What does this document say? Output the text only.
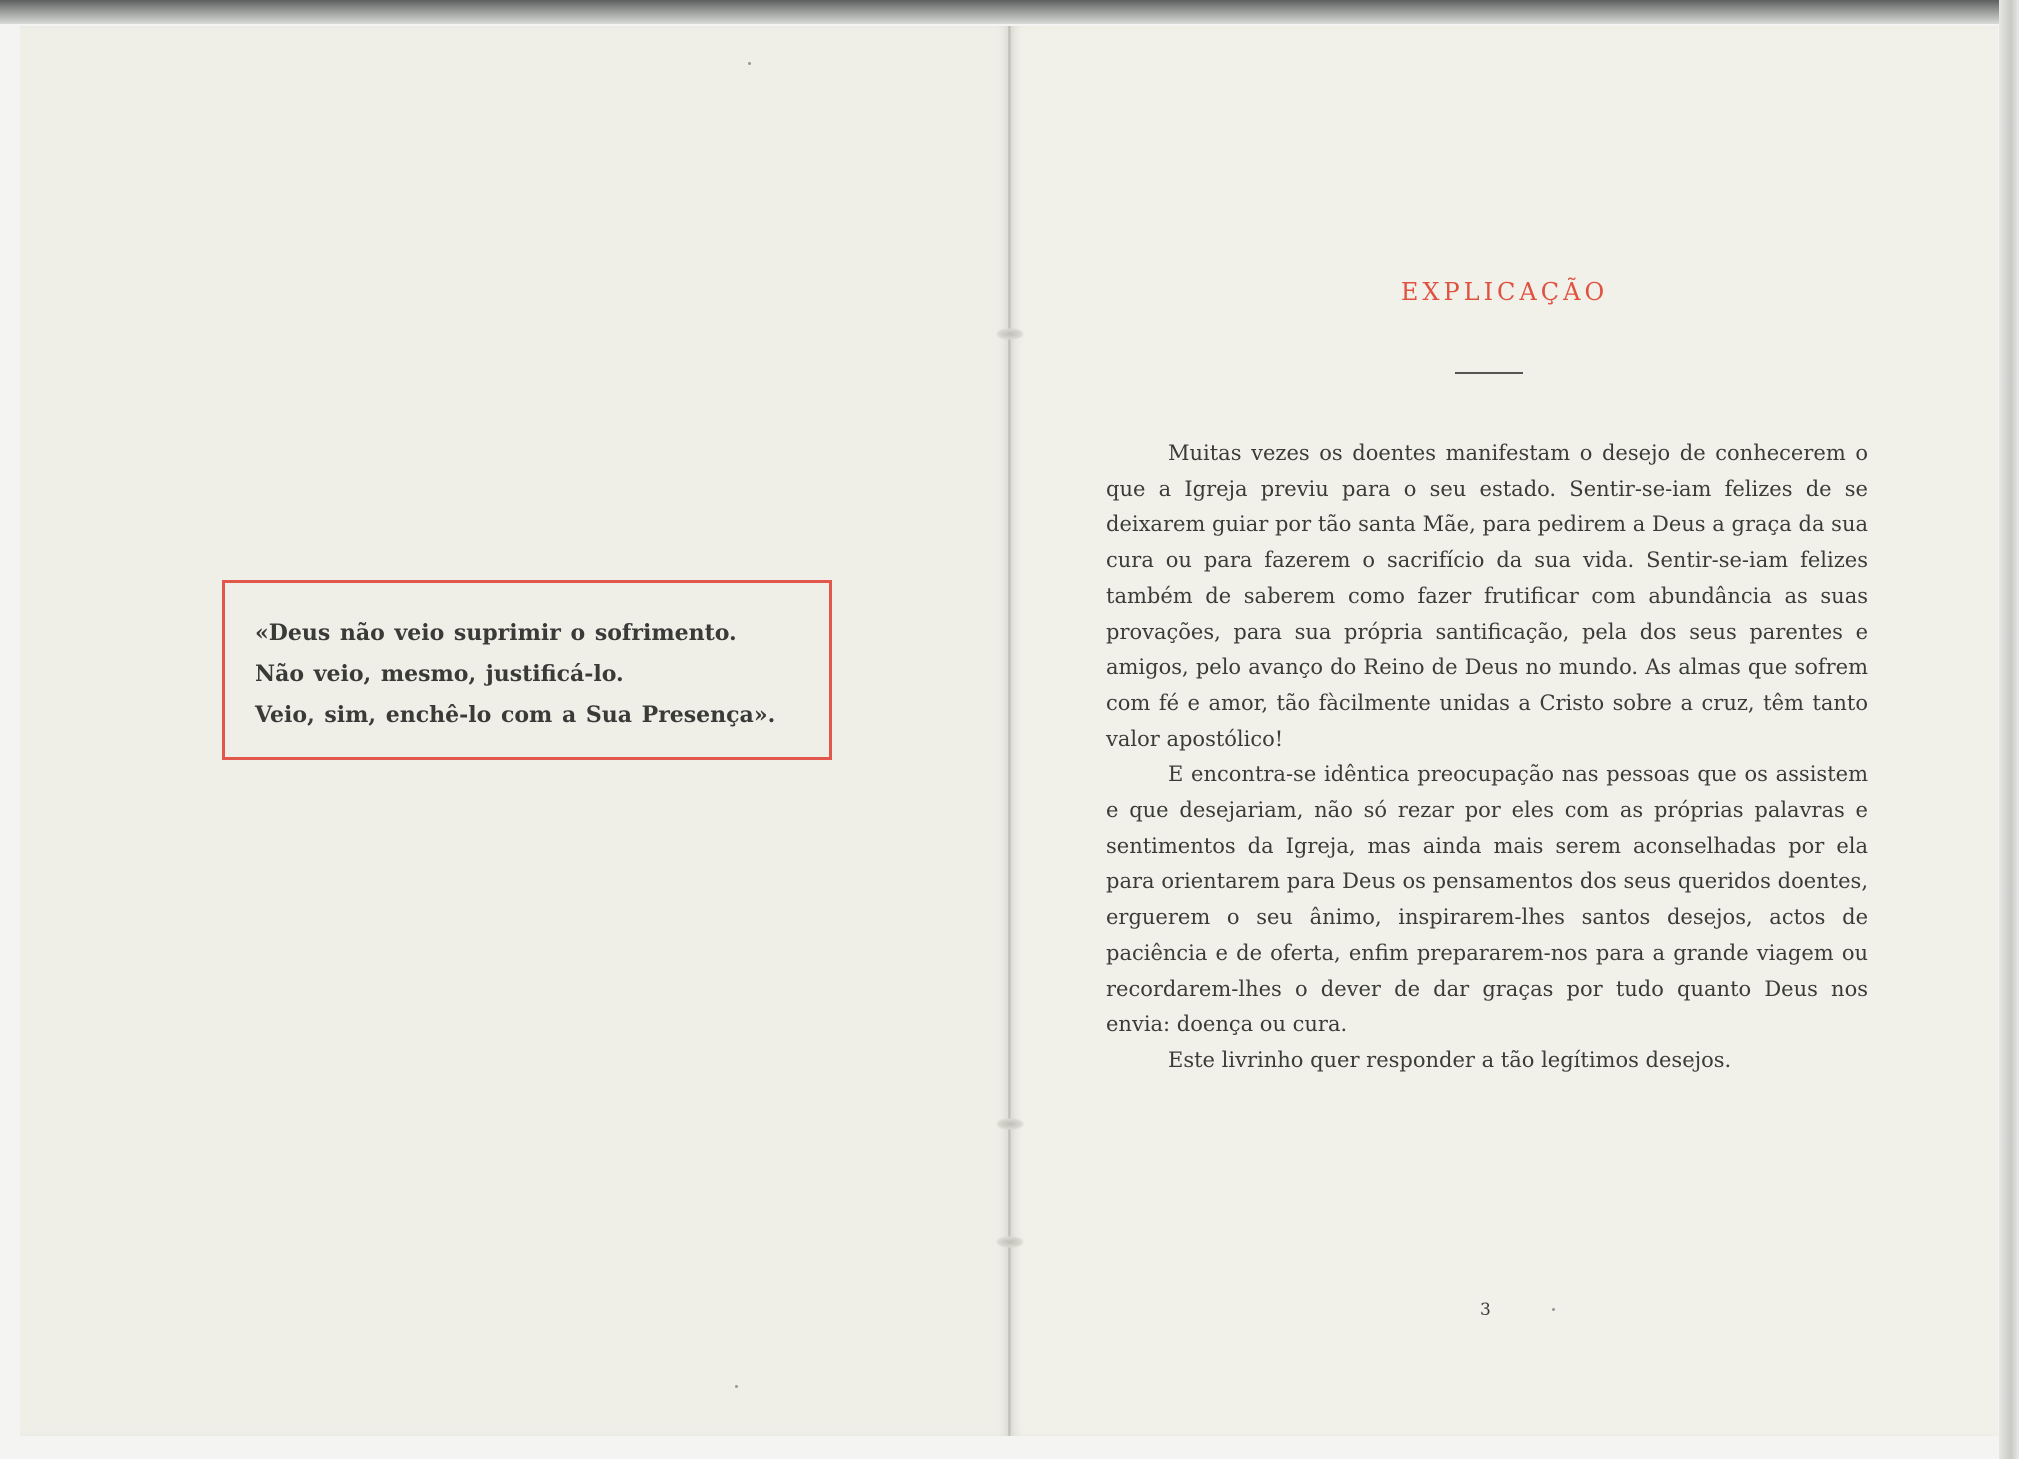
«Deus não veio suprimir o sofrimento.
Não veio, mesmo, justificá-lo.
Veio, sim, enchê-lo com a Sua Presença».
EXPLICAÇÃO

Muitas vezes os doentes manifestam o desejo de conhecerem o que a Igreja previu para o seu estado. Sentir-se-iam felizes de se deixarem guiar por tão santa Mãe, para pedirem a Deus a graça da sua cura ou para fazerem o sacrifício da sua vida. Sentir-se-iam felizes também de saberem como fazer frutificar com abundância as suas provações, para sua própria santificação, pela dos seus parentes e amigos, pelo avanço do Reino de Deus no mundo. As almas que sofrem com fé e amor, tão fàcilmente unidas a Cristo sobre a cruz, têm tanto valor apostólico!

E encontra-se idêntica preocupação nas pessoas que os assistem e que desejariam, não só rezar por eles com as próprias palavras e sentimentos da Igreja, mas ainda mais serem aconselhadas por ela para orientarem para Deus os pensamentos dos seus queridos doentes, erguerem o seu ânimo, inspirarem-lhes santos desejos, actos de paciência e de oferta, enfim prepararem-nos para a grande viagem ou recordarem-lhes o dever de dar graças por tudo quanto Deus nos envia: doença ou cura.

Este livrinho quer responder a tão legítimos desejos.

3
